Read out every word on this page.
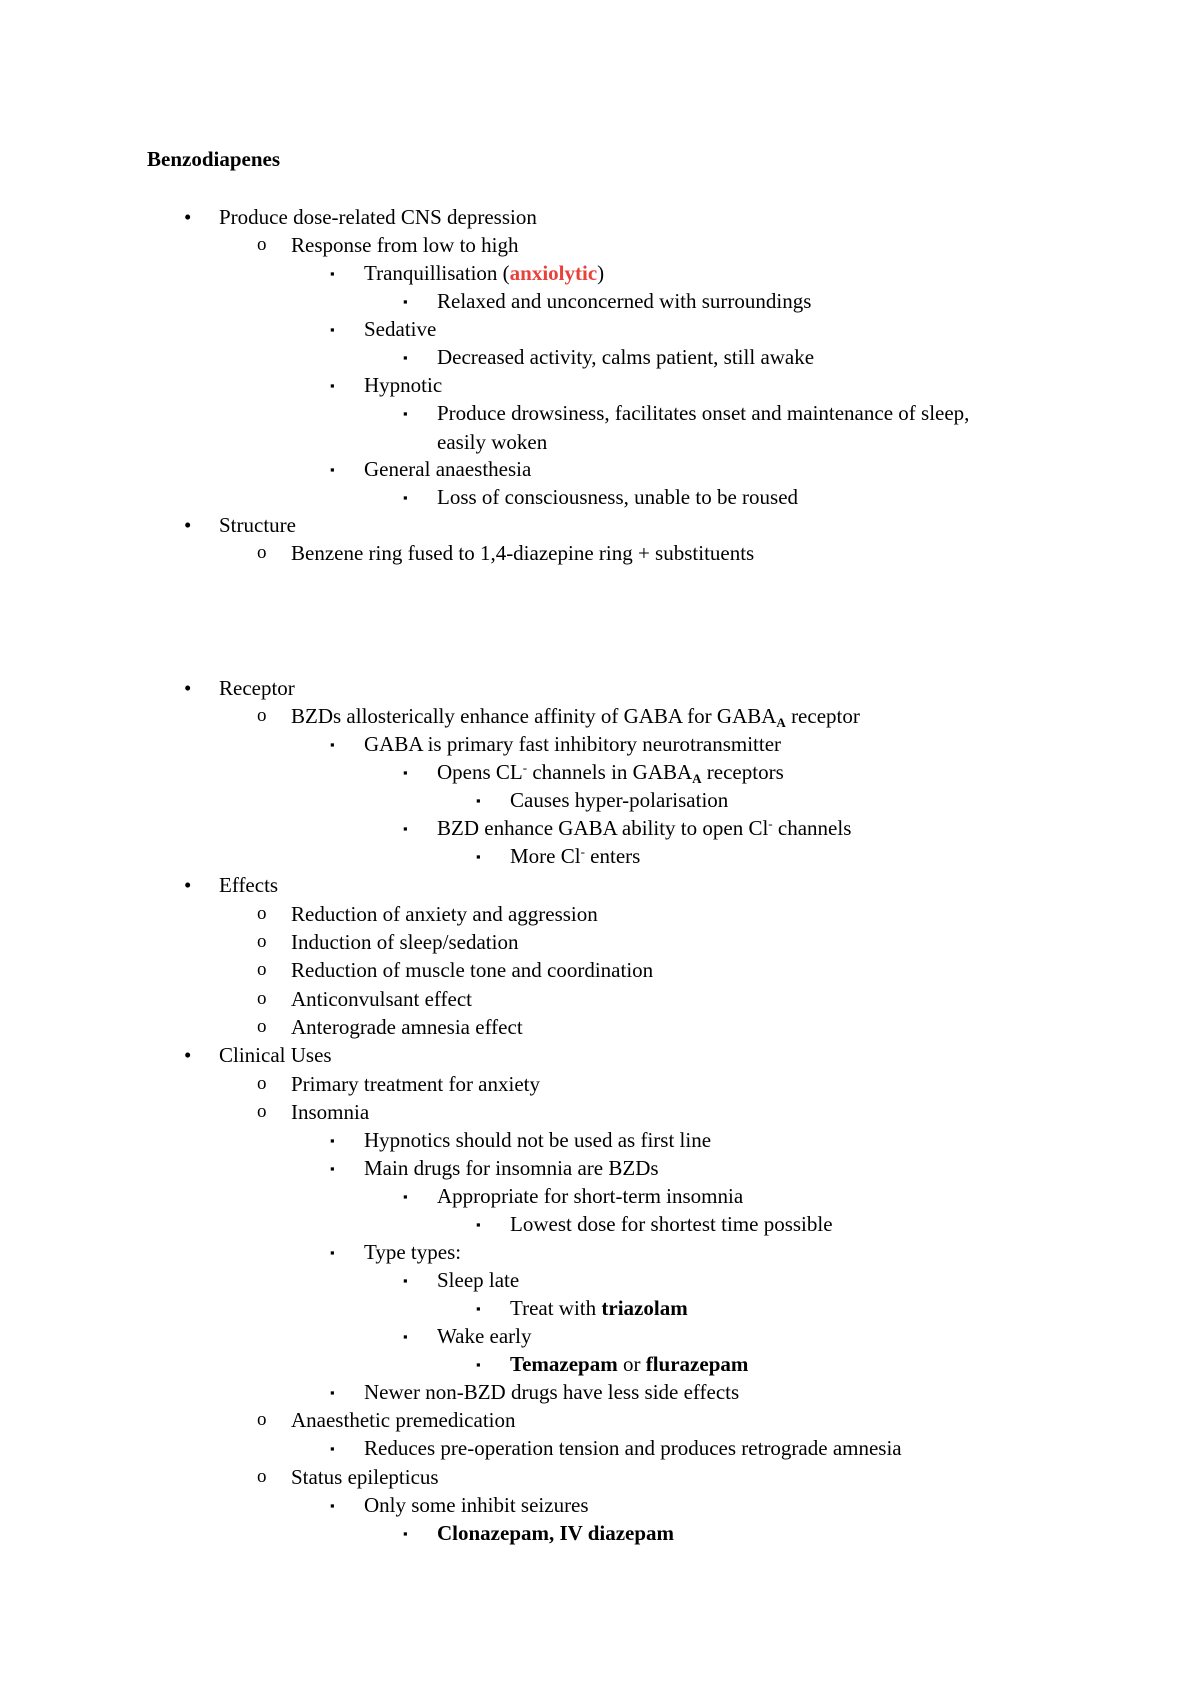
Benzodiapenes
• Produce dose-related CNS depression
o Response from low to high
▪ Tranquillisation (anxiolytic)
▪ Relaxed and unconcerned with surroundings
▪ Sedative
▪ Decreased activity, calms patient, still awake
▪ Hypnotic
▪ Produce drowsiness, facilitates onset and maintenance of sleep,
easily woken
▪ General anaesthesia
▪ Loss of consciousness, unable to be roused
• Structure
o Benzene ring fused to 1,4-diazepine ring + substituents
• Receptor
o BZDs allosterically enhance affinity of GABA for $GABA_A$ receptor
▪ GABA is primary fast inhibitory neurotransmitter
▪ Opens CL- channels in $GABA_A$ receptors
▪ Causes hyper-polarisation
▪ BZD enhance GABA ability to open Cl- channels
▪ More Cl- enters
• Effects
o Reduction of anxiety and aggression
o Induction of sleep/sedation
o Reduction of muscle tone and coordination
o Anticonvulsant effect
o Anterograde amnesia effect
• Clinical Uses
o Primary treatment for anxiety
o Insomnia
▪ Hypnotics should not be used as first line
▪ Main drugs for insomnia are BZDs
▪ Appropriate for short-term insomnia
▪ Lowest dose for shortest time possible
▪ Type types:
▪ Sleep late
▪ Treat with triazolam
▪ Wake early
▪ Temazepam or flurazepam
▪ Newer non-BZD drugs have less side effects
o Anaesthetic premedication
▪ Reduces pre-operation tension and produces retrograde amnesia
o Status epilepticus
▪ Only some inhibit seizures
▪ Clonazepam, IV diazepam
